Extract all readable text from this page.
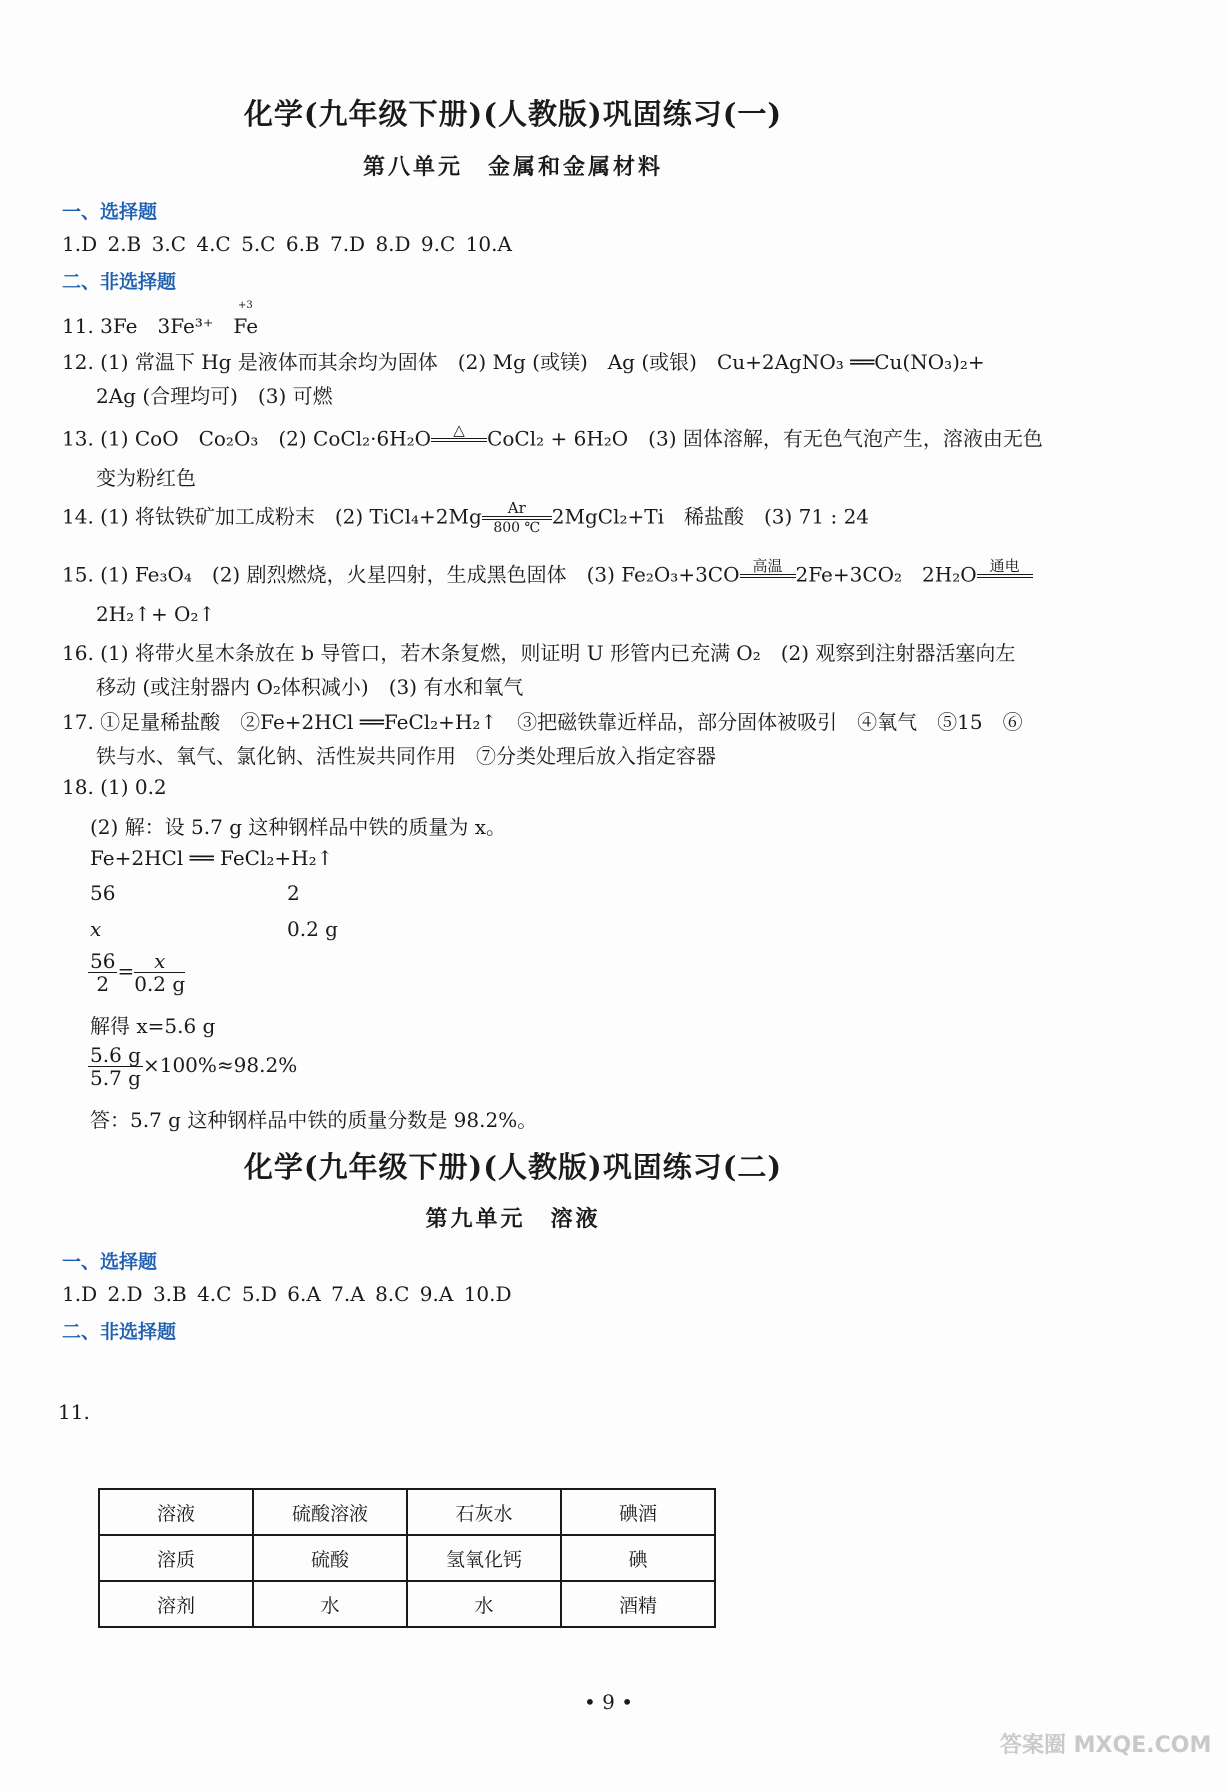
化学(九年级下册)(人教版)巩固练习(一)
第八单元　金属和金属材料
一、选择题
1.D 2.B 3.C 4.C 5.C 6.B 7.D 8.D 9.C 10.A
二、非选择题
11. 3Fe　3Fe³⁺　Fe
+3
12. (1) 常温下 Hg 是液体而其余均为固体　(2) Mg (或镁)　Ag (或银)　Cu+2AgNO₃ ══Cu(NO₃)₂+
2Ag (合理均可)　(3) 可燃
13. (1) CoO　Co₂O₃　(2) CoCl₂·6H₂O	△
	CoCl₂ + 6H₂O　(3) 固体溶解，有无色气泡产生，溶液由无色
变为粉红色
14. (1) 将钛铁矿加工成粉末　(2) TiCl₄+2Mg $\frac{Ar}{800 ℃}$ 2MgCl₂+Ti　稀盐酸　(3) 71 : 24
15. (1) Fe₃O₄　(2) 剧烈燃烧，火星四射，生成黑色固体　(3) Fe₂O₃+3CO 高温
2Fe+3CO₂　2H₂O 通电

2H₂↑+ O₂↑
16. (1) 将带火星木条放在 b 导管口，若木条复燃，则证明 U 形管内已充满 O₂　(2) 观察到注射器活塞向左
移动 (或注射器内 O₂体积减小)　(3) 有水和氧气
17. ①足量稀盐酸　②Fe+2HCl ══FeCl₂+H₂↑　③把磁铁靠近样品，部分固体被吸引　④氧气　⑤15　⑥
铁与水、氧气、氯化钠、活性炭共同作用　⑦分类处理后放入指定容器
18. (1) 0.2
(2) 解：设 5.7 g 这种钢样品中铁的质量为 x。
Fe+2HCl ══ FeCl₂+H₂↑
56	2
x	0.2 g
$\frac{56}{2} = \frac{x}{0.2 g}$
解得 x=5.6 g
$\frac{5.6 g}{5.7 g} \times 100\%\approx 98.2\%$
答：5.7 g 这种钢样品中铁的质量分数是 98.2%。
化学(九年级下册)(人教版)巩固练习(二)
第九单元　溶液
一、选择题
1.D 2.D 3.B 4.C 5.D 6.A 7.A 8.C 9.A 10.D
二、非选择题
11.
溶液	硫酸溶液	石灰水	碘酒
溶质	硫酸	氢氧化钙	碘
溶剂	水	水	酒精
• 9 •
答案圈 MXQE.COM
